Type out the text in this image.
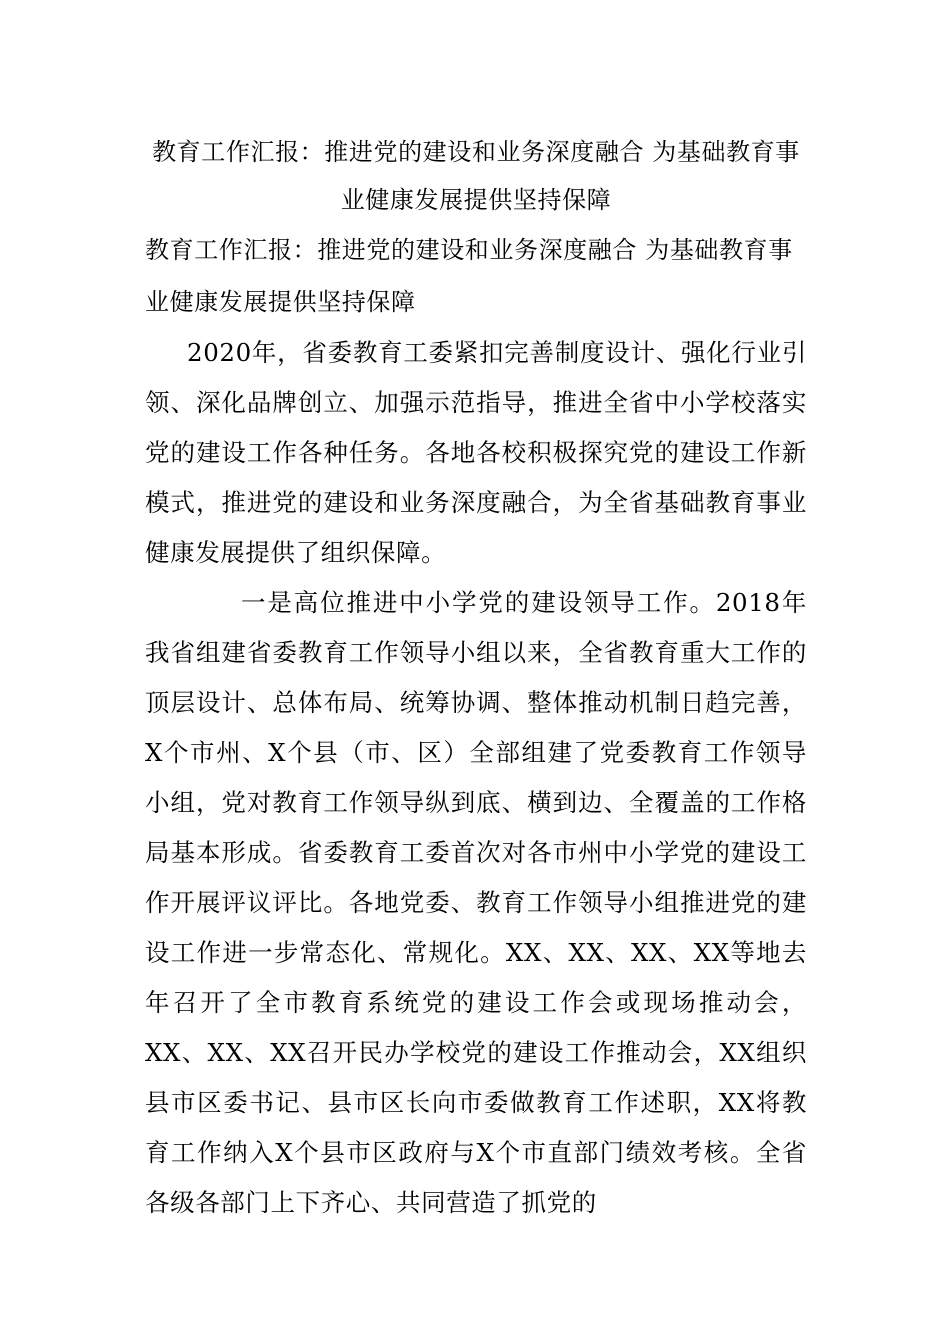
教育工作汇报：推进党的建设和业务深度融合 为基础教育事业健康发展提供坚持保障

教育工作汇报：推进党的建设和业务深度融合 为基础教育事业健康发展提供坚持保障

2020年，省委教育工委紧扣完善制度设计、强化行业引领、深化品牌创立、加强示范指导，推进全省中小学校落实党的建设工作各种任务。各地各校积极探究党的建设工作新模式，推进党的建设和业务深度融合，为全省基础教育事业健康发展提供了组织保障。

一是高位推进中小学党的建设领导工作。2018年我省组建省委教育工作领导小组以来，全省教育重大工作的顶层设计、总体布局、统筹协调、整体推动机制日趋完善，X个市州、X个县（市、区）全部组建了党委教育工作领导小组，党对教育工作领导纵到底、横到边、全覆盖的工作格局基本形成。省委教育工委首次对各市州中小学党的建设工作开展评议评比。各地党委、教育工作领导小组推进党的建设工作进一步常态化、常规化。XX、XX、XX、XX等地去年召开了全市教育系统党的建设工作会或现场推动会，XX、XX、XX召开民办学校党的建设工作推动会，XX组织县市区委书记、县市区长向市委做教育工作述职，XX将教育工作纳入X个县市区政府与X个市直部门绩效考核。全省各级各部门上下齐心、共同营造了抓党的
